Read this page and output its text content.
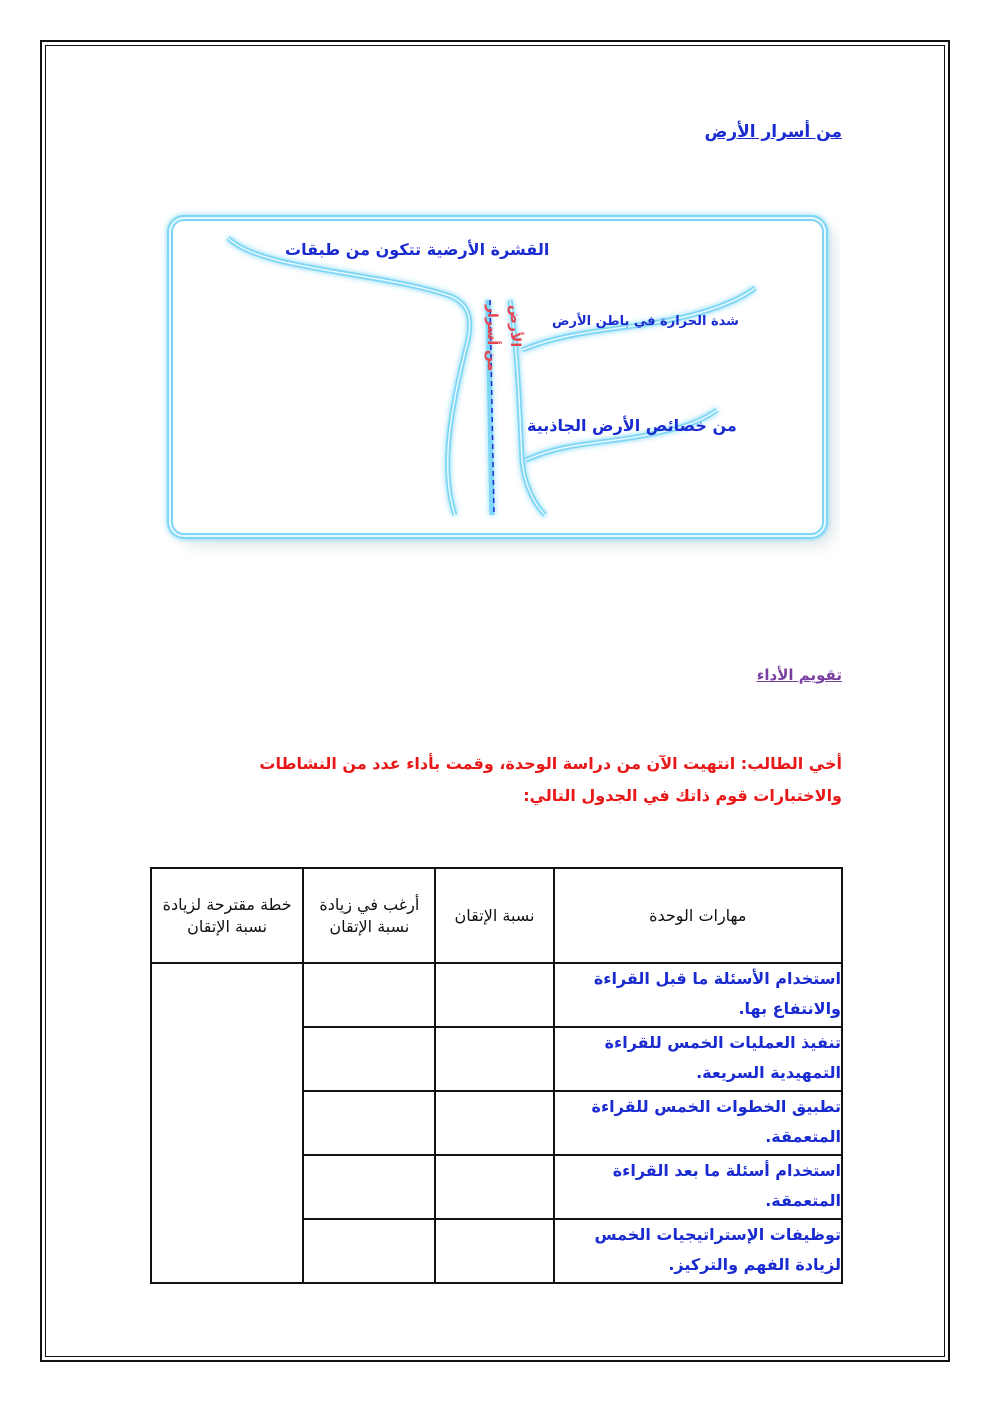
من أسرار الأرض
القشرة الأرضية تتكون من طبقات
شدة الحرارة في باطن الأرض
من خصائص الأرض الجاذبية
من أسرار الأرض
تقويم الأداء
أخي الطالب: انتهيت الآن من دراسة الوحدة، وقمت بأداء عدد من النشاطات والاختبارات قوم ذاتك في الجدول التالي:
مهارات الوحدة	نسبة الإتقان	أرغب في زيادة نسبة الإتقان	خطة مقترحة لزيادة نسبة الإتقان
استخدام الأسئلة ما قبل القراءة والانتفاع بها.			
تنفيذ العمليات الخمس للقراءة التمهيدية السريعة.			
تطبيق الخطوات الخمس للقراءة المتعمقة.			
استخدام أسئلة ما بعد القراءة المتعمقة.			
توظيفات الإستراتيجيات الخمس لزيادة الفهم والتركيز.			
